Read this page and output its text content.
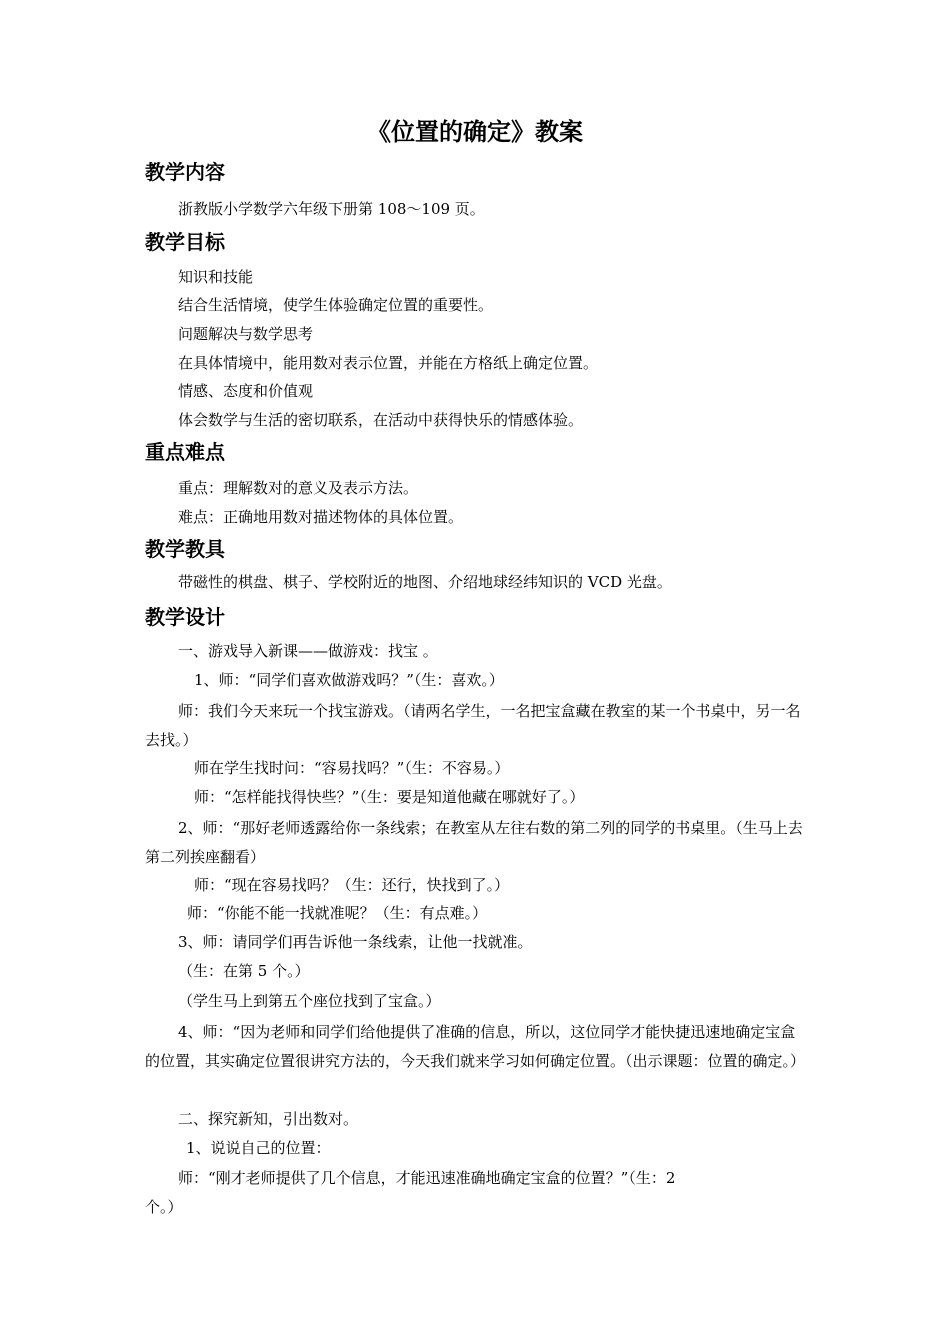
《位置的确定》教案
教学内容
浙教版小学数学六年级下册第 108～109 页。
教学目标
知识和技能
结合生活情境，使学生体验确定位置的重要性。
问题解决与数学思考
在具体情境中，能用数对表示位置，并能在方格纸上确定位置。
情感、态度和价值观
体会数学与生活的密切联系，在活动中获得快乐的情感体验。
重点难点
重点：理解数对的意义及表示方法。
难点：正确地用数对描述物体的具体位置。
教学教具
带磁性的棋盘、棋子、学校附近的地图、介绍地球经纬知识的 VCD 光盘。
教学设计
一、游戏导入新课——做游戏：找宝 。
1、师：“同学们喜欢做游戏吗？”（生：喜欢。）
师：我们今天来玩一个找宝游戏。（请两名学生，一名把宝盒藏在教室的某一个书桌中，另一名去找。）
师在学生找时问：“容易找吗？”（生：不容易。）
师：“怎样能找得快些？”（生：要是知道他藏在哪就好了。）
2、师：“那好老师透露给你一条线索；在教室从左往右数的第二列的同学的书桌里。（生马上去第二列挨座翻看）
师：“现在容易找吗？（生：还行，快找到了。）
师：“你能不能一找就准呢？（生：有点难。）
3、师：请同学们再告诉他一条线索，让他一找就准。
（生：在第 5 个。）
（学生马上到第五个座位找到了宝盒。）
4、师：“因为老师和同学们给他提供了准确的信息，所以，这位同学才能快捷迅速地确定宝盒的位置，其实确定位置很讲究方法的，今天我们就来学习如何确定位置。（出示课题：位置的确定。）
二、探究新知，引出数对。
1、说说自己的位置：
师：“刚才老师提供了几个信息，才能迅速准确地确定宝盒的位置？”（生：2
个。）
